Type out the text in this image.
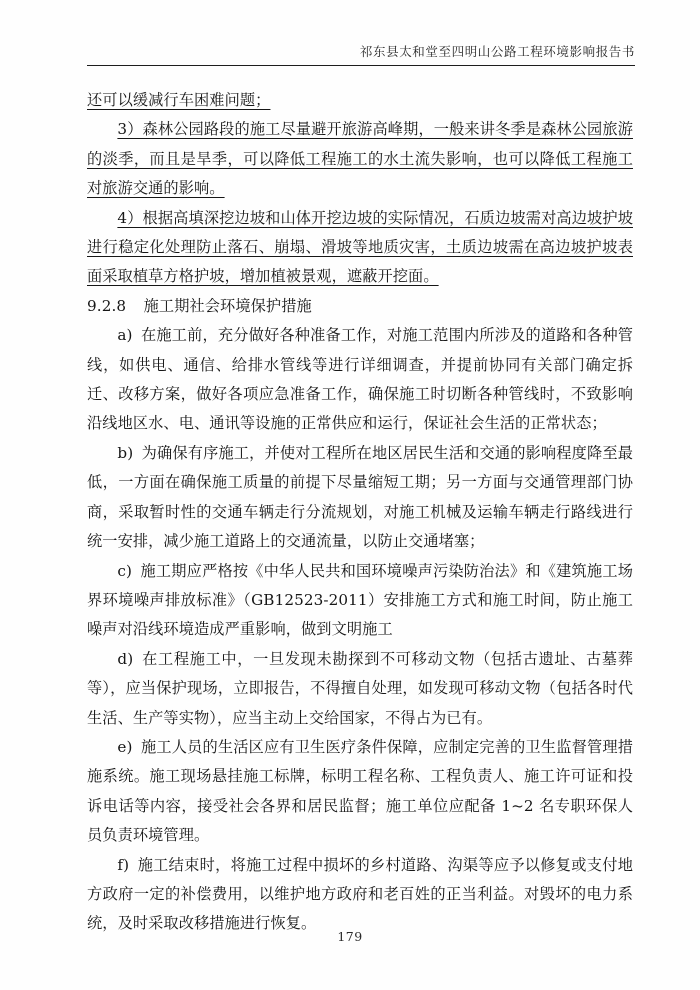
祁东县太和堂至四明山公路工程环境影响报告书

还可以缓减行车困难问题；

3）森林公园路段的施工尽量避开旅游高峰期，一般来讲冬季是森林公园旅游的淡季，而且是旱季，可以降低工程施工的水土流失影响，也可以降低工程施工对旅游交通的影响。

4）根据高填深挖边坡和山体开挖边坡的实际情况，石质边坡需对高边坡护坡进行稳定化处理防止落石、崩塌、滑坡等地质灾害，土质边坡需在高边坡护坡表面采取植草方格护坡，增加植被景观，遮蔽开挖面。

9.2.8 施工期社会环境保护措施

a) 在施工前，充分做好各种准备工作，对施工范围内所涉及的道路和各种管线，如供电、通信、给排水管线等进行详细调查，并提前协同有关部门确定拆迁、改移方案，做好各项应急准备工作，确保施工时切断各种管线时，不致影响沿线地区水、电、通讯等设施的正常供应和运行，保证社会生活的正常状态；

b) 为确保有序施工，并使对工程所在地区居民生活和交通的影响程度降至最低，一方面在确保施工质量的前提下尽量缩短工期；另一方面与交通管理部门协商，采取暂时性的交通车辆走行分流规划，对施工机械及运输车辆走行路线进行统一安排，减少施工道路上的交通流量，以防止交通堵塞；

c) 施工期应严格按《中华人民共和国环境噪声污染防治法》和《建筑施工场界环境噪声排放标准》（GB12523-2011）安排施工方式和施工时间，防止施工噪声对沿线环境造成严重影响，做到文明施工

d) 在工程施工中，一旦发现未勘探到不可移动文物（包括古遗址、古墓葬等），应当保护现场，立即报告，不得擅自处理，如发现可移动文物（包括各时代生活、生产等实物），应当主动上交给国家，不得占为已有。

e) 施工人员的生活区应有卫生医疗条件保障，应制定完善的卫生监督管理措施系统。施工现场悬挂施工标牌，标明工程名称、工程负责人、施工许可证和投诉电话等内容，接受社会各界和居民监督；施工单位应配备 1~2 名专职环保人员负责环境管理。

f) 施工结束时，将施工过程中损坏的乡村道路、沟渠等应予以修复或支付地方政府一定的补偿费用，以维护地方政府和老百姓的正当利益。对毁坏的电力系统，及时采取改移措施进行恢复。

179
